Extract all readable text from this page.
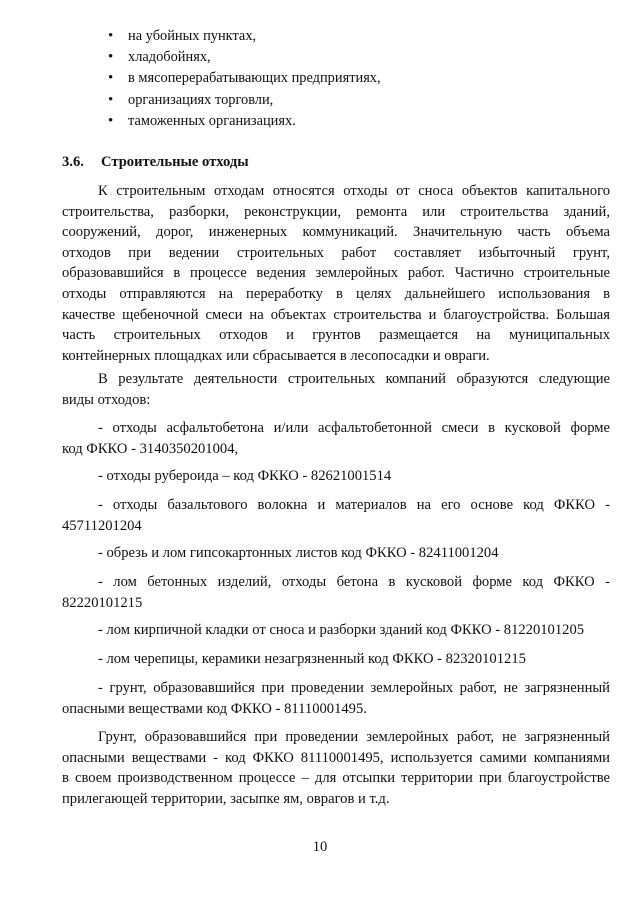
• на убойных пунктах,
• хладобойнях,
• в мясоперерабатывающих предприятиях,
• организациях торговли,
• таможенных организациях.
3.6. Строительные отходы
К строительным отходам относятся отходы от сноса объектов капитального
строительства, разборки, реконструкции, ремонта или строительства зданий,
сооружений, дорог, инженерных коммуникаций. Значительную часть объема
отходов при ведении строительных работ составляет избыточный грунт,
образовавшийся в процессе ведения землеройных работ. Частично строительные
отходы отправляются на переработку в целях дальнейшего использования в
качестве щебеночной смеси на объектах строительства и благоустройства. Большая
часть строительных отходов и грунтов размещается на муниципальных
контейнерных площадках или сбрасывается в лесопосадки и овраги.
В результате деятельности строительных компаний образуются следующие
виды отходов:
- отходы асфальтобетона и/или асфальтобетонной смеси в кусковой форме
код ФККО - 3140350201004,
- отходы рубероида – код ФККО - 82621001514
- отходы базальтового волокна и материалов на его основе код ФККО -
45711201204
- обрезь и лом гипсокартонных листов код ФККО - 82411001204
- лом бетонных изделий, отходы бетона в кусковой форме код ФККО -
82220101215
- лом кирпичной кладки от сноса и разборки зданий код ФККО - 81220101205
- лом черепицы, керамики незагрязненный код ФККО - 82320101215
- грунт, образовавшийся при проведении землеройных работ, не загрязненный
опасными веществами код ФККО - 81110001495.
Грунт, образовавшийся при проведении землеройных работ, не загрязненный
опасными веществами - код ФККО 81110001495, используется самими компаниями
в своем производственном процессе – для отсыпки территории при благоустройстве
прилегающей территории, засыпке ям, оврагов и т.д.
10
